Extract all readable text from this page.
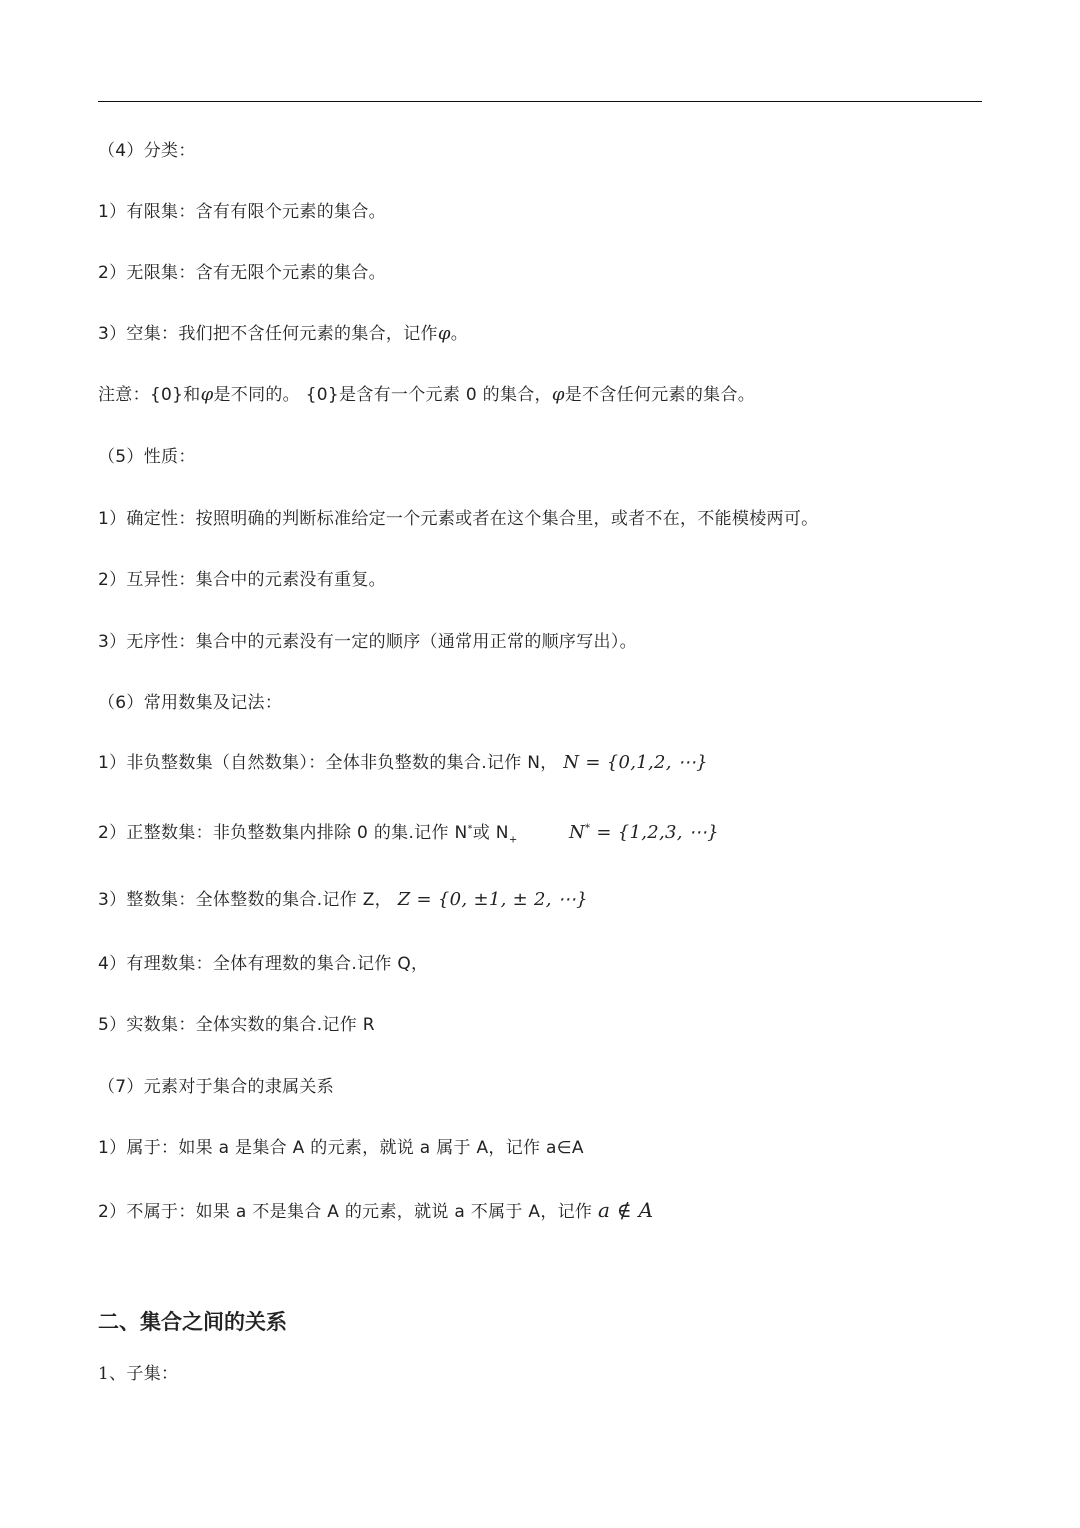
（4）分类：
1）有限集：含有有限个元素的集合。
2）无限集：含有无限个元素的集合。
3）空集：我们把不含任何元素的集合，记作φ。
注意：{0}和φ是不同的。 {0}是含有一个元素 0 的集合，φ是不含任何元素的集合。
（5）性质：
1）确定性：按照明确的判断标准给定一个元素或者在这个集合里，或者不在，不能模棱两可。
2）互异性：集合中的元素没有重复。
3）无序性：集合中的元素没有一定的顺序（通常用正常的顺序写出）。
（6）常用数集及记法：
1）非负整数集（自然数集）：全体非负整数的集合.记作 N， N = {0,1,2, ⋯}
2）正整数集：非负整数集内排除 0 的集.记作 N*或 $N_+$	N* = {1,2,3, ⋯}
3）整数集：全体整数的集合.记作 Z， Z = {0, ±1, ± 2, ⋯}
4）有理数集：全体有理数的集合.记作 Q，
5）实数集：全体实数的集合.记作 R
（7）元素对于集合的隶属关系
1）属于：如果 a 是集合 A 的元素，就说 a 属于 A，记作 a∈A
2）不属于：如果 a 不是集合 A 的元素，就说 a 不属于 A，记作 a ∉ A
二、集合之间的关系
1、子集：
